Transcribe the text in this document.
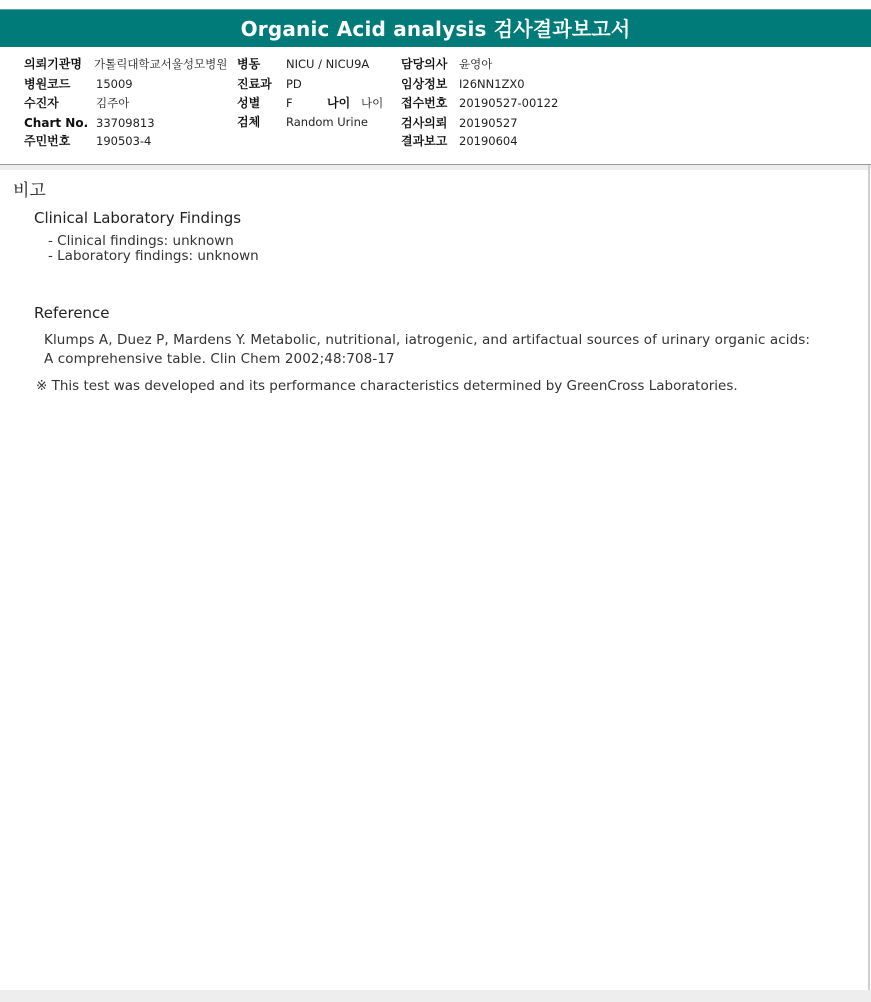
Organic Acid analysis 검사결과보고서
의뢰기관명 가톨릭대학교서울성모병원
병원코드 15009
수진자	김주아
Chart No. 33709813
주민번호 190503-4
병동 NICU / NICU9A
진료과 PD
성별 F	나이 나이
검체 Random Urine
담당의사 윤영아
임상정보 I26NN1ZX0
접수번호 20190527-00122
검사의뢰 20190527
결과보고 20190604
비고
Clinical Laboratory Findings
- Clinical findings: unknown
- Laboratory findings: unknown
Reference
Klumps A, Duez P, Mardens Y. Metabolic, nutritional, iatrogenic, and artifactual sources of urinary organic acids:
A comprehensive table. Clin Chem 2002;48:708-17
※ This test was developed and its performance characteristics determined by GreenCross Laboratories.
